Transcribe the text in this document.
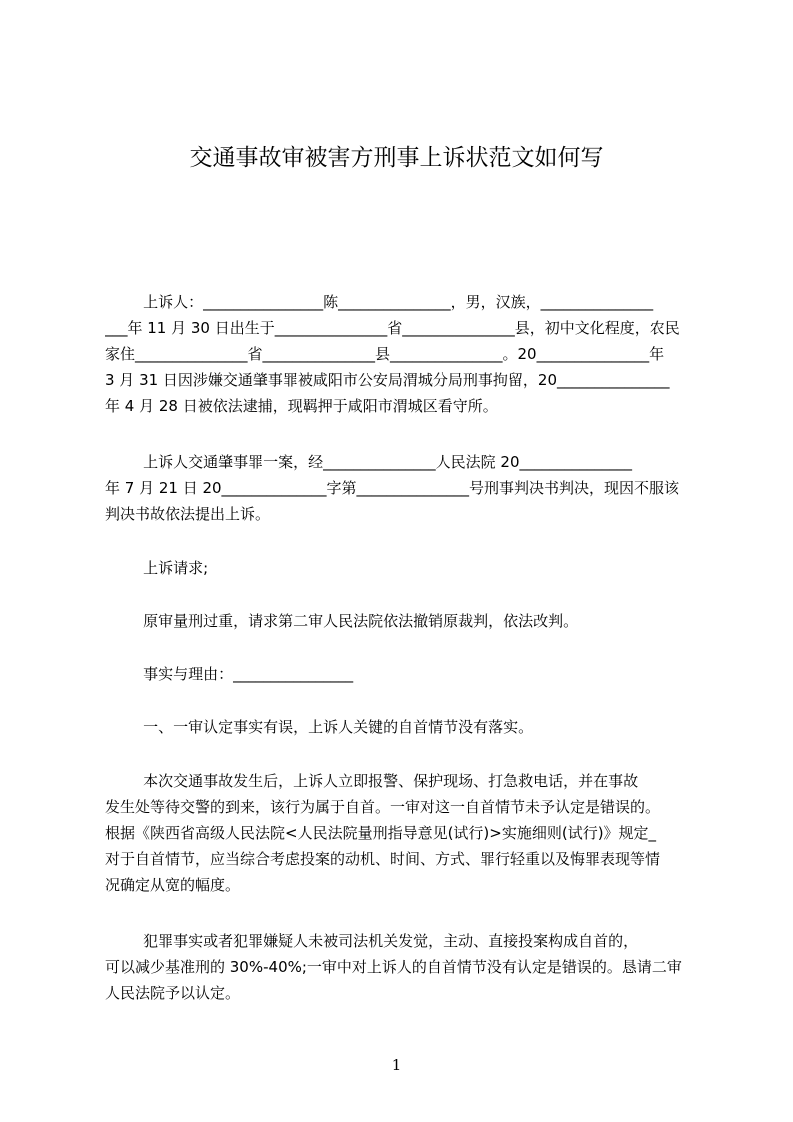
交通事故审被害方刑事上诉状范文如何写
上诉人：________________陈_______________，男，汉族，_______________
___年 11 月 30 日出生于_______________省_______________县，初中文化程度，农民
家住_______________省_______________县_______________。20_______________年
3 月 31 日因涉嫌交通肇事罪被咸阳市公安局渭城分局刑事拘留，20_______________
年 4 月 28 日被依法逮捕，现羁押于咸阳市渭城区看守所。
上诉人交通肇事罪一案，经_______________人民法院 20_______________
年 7 月 21 日 20______________字第_______________号刑事判决书判决，现因不服该
判决书故依法提出上诉。
上诉请求;
原审量刑过重，请求第二审人民法院依法撤销原裁判，依法改判。
事实与理由：________________
一、一审认定事实有误，上诉人关键的自首情节没有落实。
本次交通事故发生后，上诉人立即报警、保护现场、打急救电话，并在事故
发生处等待交警的到来，该行为属于自首。一审对这一自首情节未予认定是错误的。
根据《陕西省高级人民法院<人民法院量刑指导意见(试行)>实施细则(试行)》规定_
对于自首情节，应当综合考虑投案的动机、时间、方式、罪行轻重以及悔罪表现等情
况确定从宽的幅度。
犯罪事实或者犯罪嫌疑人未被司法机关发觉，主动、直接投案构成自首的，
可以减少基准刑的 30%-40%;一审中对上诉人的自首情节没有认定是错误的。恳请二审
人民法院予以认定。
1
